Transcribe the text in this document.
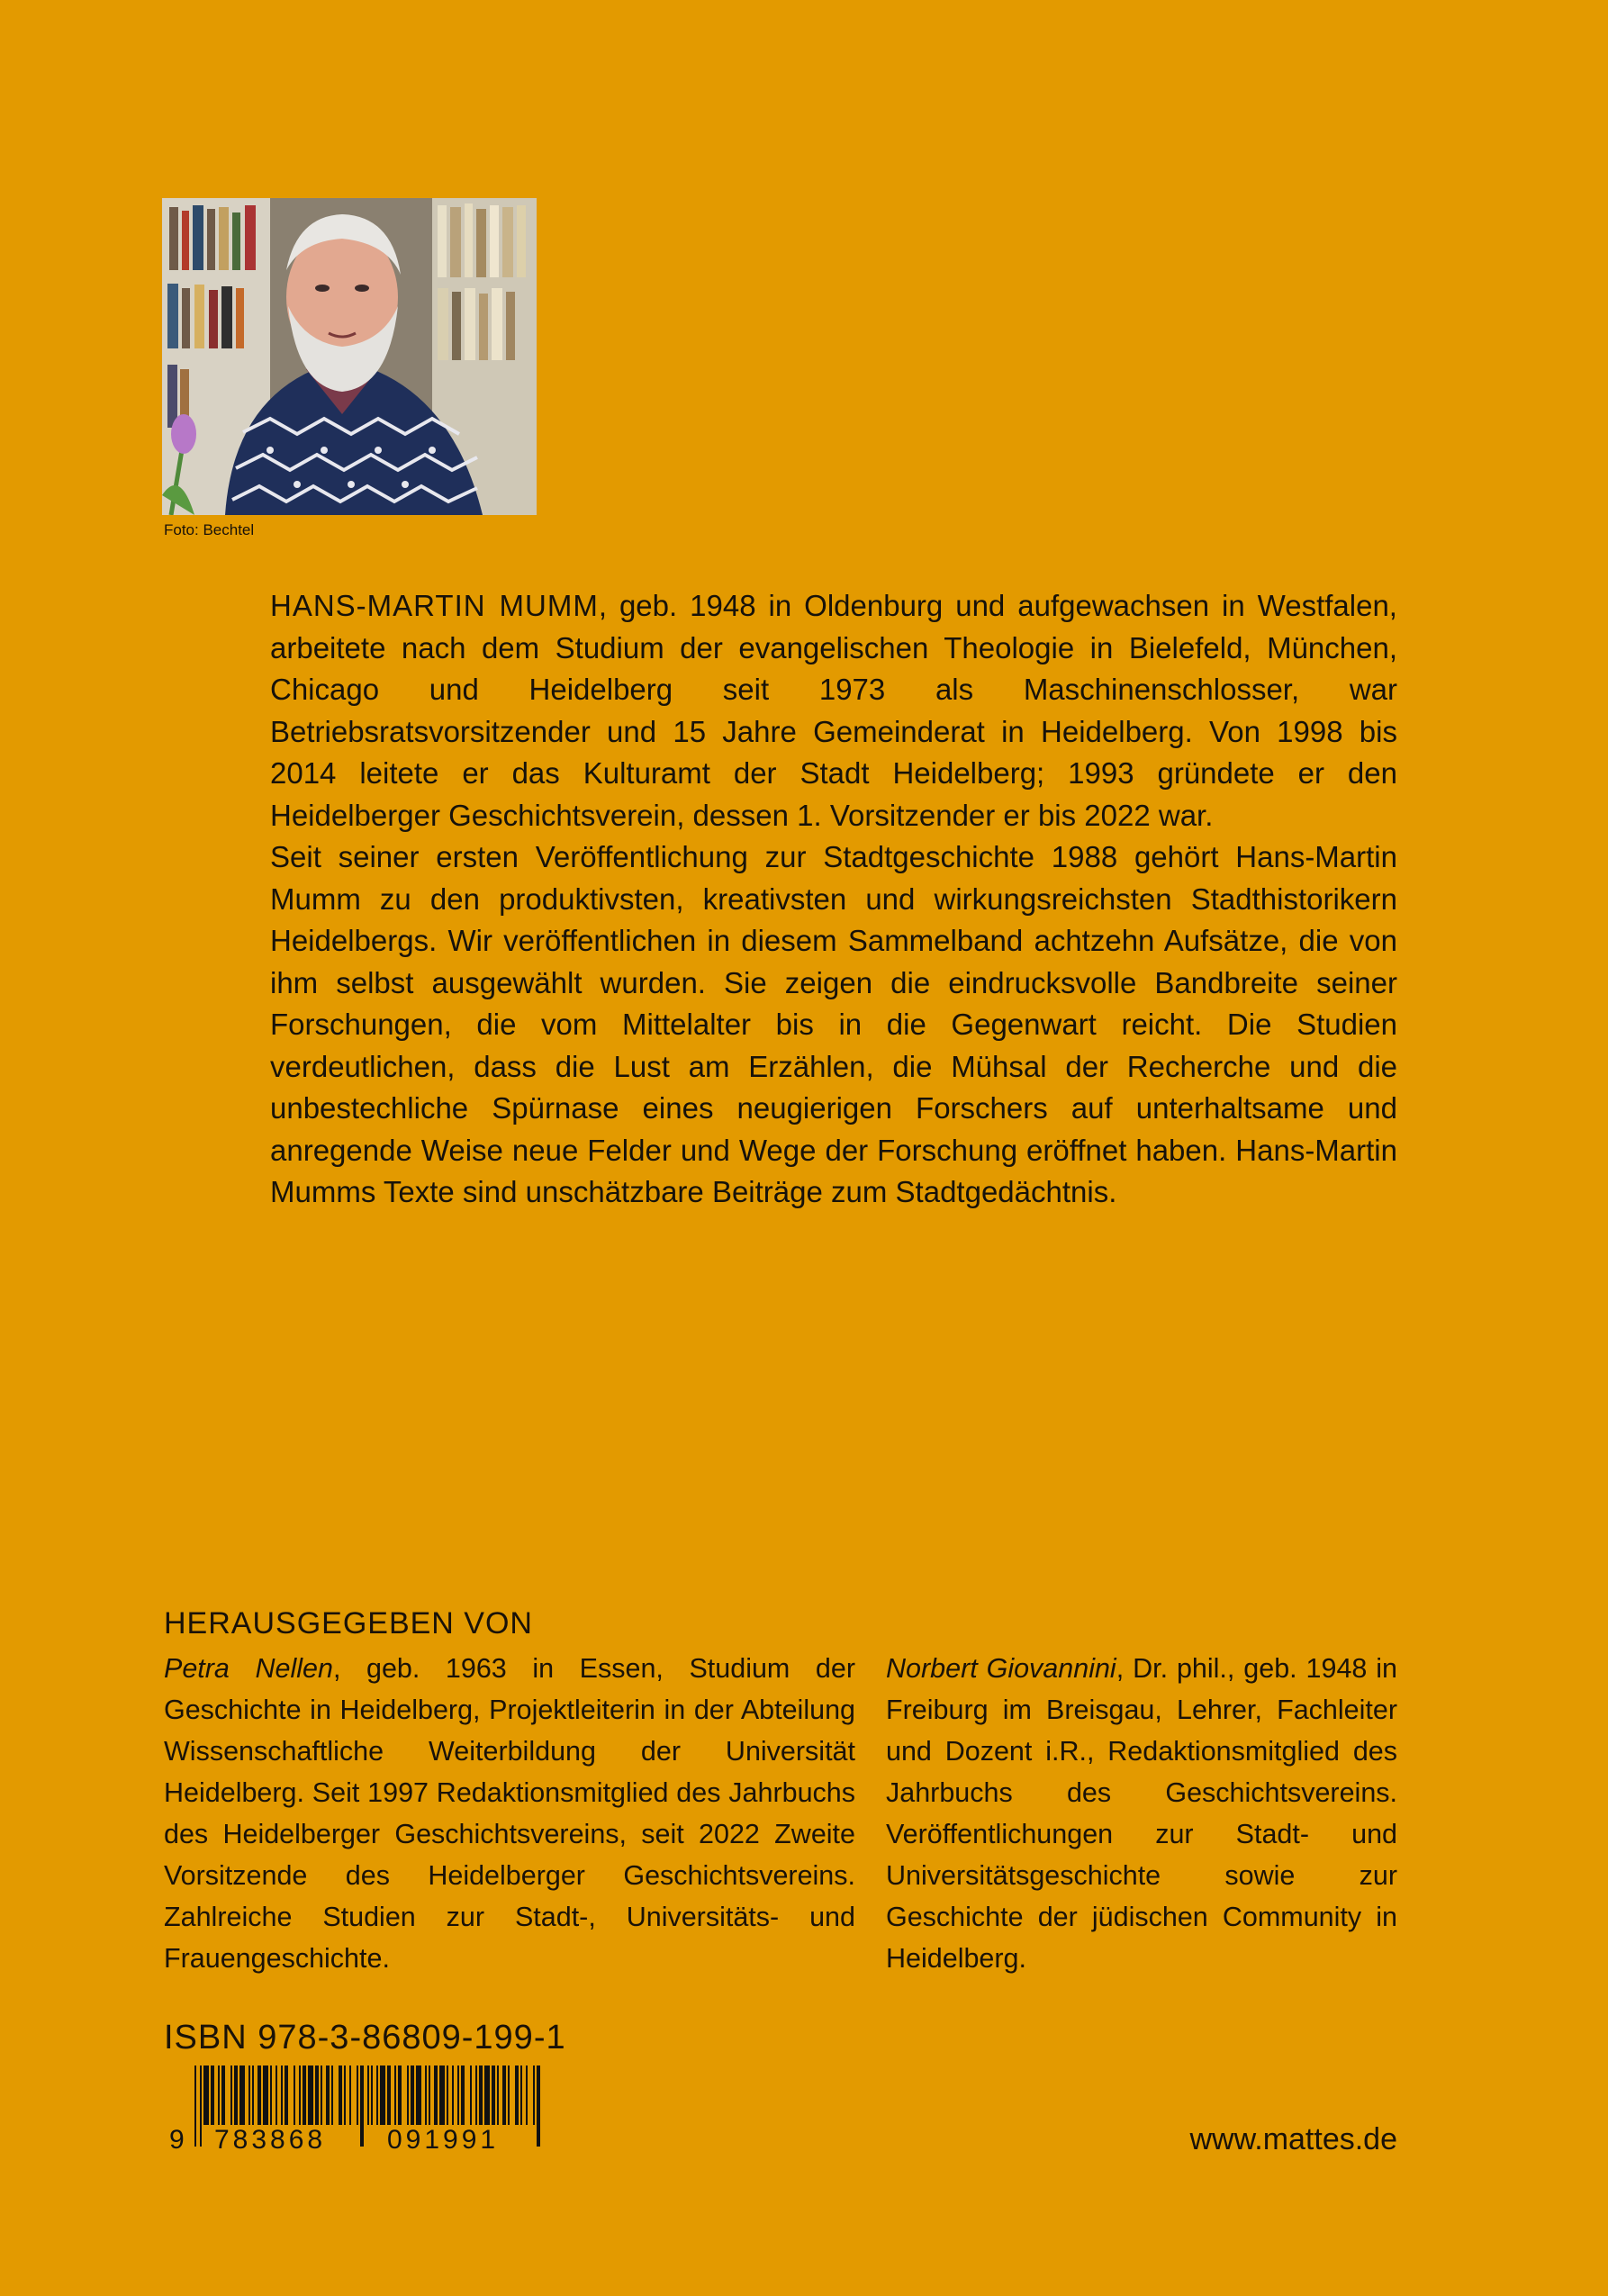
Foto: Bechtel

HANS-MARTIN MUMM, geb. 1948 in Oldenburg und aufgewachsen in Westfalen, arbeitete nach dem Studium der evangelischen Theologie in Bielefeld, München, Chicago und Heidelberg seit 1973 als Maschinenschlosser, war Betriebsratsvorsitzender und 15 Jahre Gemeinderat in Heidelberg. Von 1998 bis 2014 leitete er das Kulturamt der Stadt Heidelberg; 1993 gründete er den Heidelberger Geschichtsverein, dessen 1. Vorsitzender er bis 2022 war.

Seit seiner ersten Veröffentlichung zur Stadtgeschichte 1988 gehört Hans-Martin Mumm zu den produktivsten, kreativsten und wirkungsreichsten Stadthistorikern Heidelbergs. Wir veröffentlichen in diesem Sammelband achtzehn Aufsätze, die von ihm selbst ausgewählt wurden. Sie zeigen die eindrucksvolle Bandbreite seiner Forschungen, die vom Mittelalter bis in die Gegenwart reicht. Die Studien verdeutlichen, dass die Lust am Erzählen, die Mühsal der Recherche und die unbestechliche Spürnase eines neugierigen Forschers auf unterhaltsame und anregende Weise neue Felder und Wege der Forschung eröffnet haben. Hans-Martin Mumms Texte sind unschätzbare Beiträge zum Stadtgedächtnis.

HERAUSGEGEBEN VON
Petra Nellen, geb. 1963 in Essen, Studium der Geschichte in Heidelberg, Projektleiterin in der Abteilung Wissenschaftliche Weiterbildung der Universität Heidelberg. Seit 1997 Redaktionsmitglied des Jahrbuchs des Heidelberger Geschichtsvereins, seit 2022 Zweite Vorsitzende des Heidelberger Geschichtsvereins. Zahlreiche Studien zur Stadt-, Universitäts- und Frauengeschichte.
Norbert Giovannini, Dr. phil., geb. 1948 in Freiburg im Breisgau, Lehrer, Fachleiter und Dozent i.R., Redaktionsmitglied des Jahrbuchs des Geschichtsvereins. Veröffentlichungen zur Stadt- und Universitätsgeschichte sowie zur Geschichte der jüdischen Community in Heidelberg.
ISBN 978-3-86809-199-1
9 783868 091991	www.mattes.de
